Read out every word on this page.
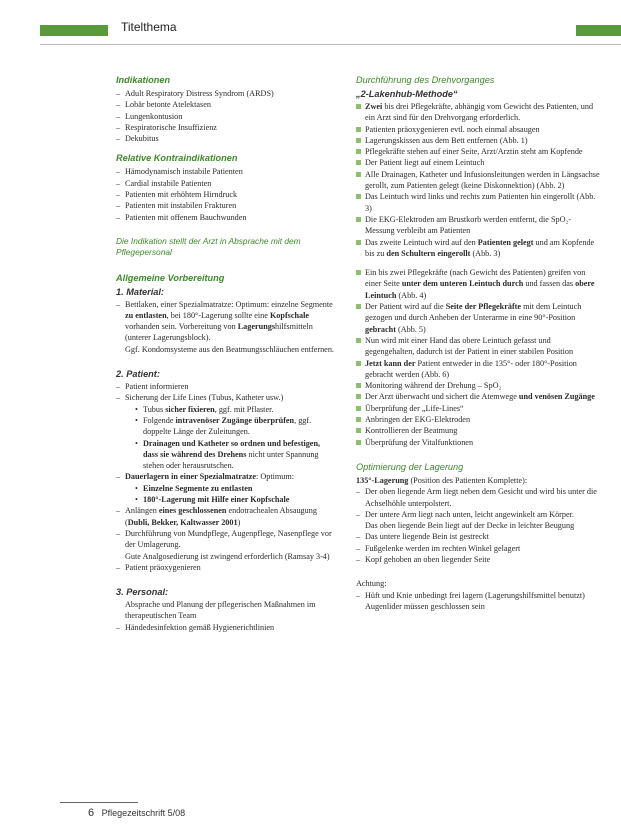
Titelthema
Indikationen
– Adult Respiratory Distress Syndrom (ARDS)
– Lobär betonte Atelektasen
– Lungenkontusion
– Respiratorische Insuffizienz
– Dekubitus
Relative Kontraindikationen
– Hämodynamisch instabile Patienten
– Cardial instabile Patienten
– Patienten mit erhöhtem Hirndruck
– Patienten mit instabilen Frakturen
– Patienten mit offenem Bauchwunden

Die Indikation stellt der Arzt in Absprache mit dem Pflegepersonal

Allgemeine Vorbereitung
1. Material:
– Bettlaken, einer Spezialmatratze: Optimum: einzelne Segmente zu entlasten, bei 180°-Lagerung sollte eine Kopfschale vorhanden sein. Vorbereitung von Lagerungshilfsmitteln (unterer Lagerungsblock).

Ggf. Kondomsysteme aus den Beatmungsschläuchen entfernen.

2. Patient:
– Patient informieren
– Sicherung der Life Lines (Tubus, Katheter usw.)
• Tubus sicher fixieren, ggf. mit Pflaster.
• Folgende intravenöser Zugänge überprüfen, ggf. doppelte Länge der Zuleitungen.
• Drainagen und Katheter so ordnen und befestigen, dass sie während des Drehens nicht unter Spannung stehen oder herausrutschen.
– Dauerlagern in einer Spezialmatratze: Optimum:
• Einzelne Segmente zu entlasten
• 180°-Lagerung mit Hilfe einer Kopfschale
– Anlängen eines geschlossenen endotrachealen Absaugung (Dubli, Bekker, Kaltwasser 2001)
– Durchführung von Mundpflege, Augenpflege, Nasenpflege vor der Umlagerung.

Gute Analgosedierung ist zwingend erforderlich (Ramsay 3-4)

– Patient präoxygenieren
3. Personal:

Absprache und Planung der pflegerischen Maßnahmen im therapeutischen Team

– Händedesinfektion gemäß Hygienerichtlinien
Durchführung des Drehvorganges
„2-Lakenhub-Methode“
Zwei bis drei Pflegekräfte, abhängig vom Gewicht des Patienten, und ein Arzt sind für den Drehvorgang erforderlich.
Patienten präoxygenieren evtl. noch einmal absaugen
Lagerungskissen aus dem Bett entfernen (Abb. 1)
Pflegekräfte stehen auf einer Seite, Arzt/Arztin steht am Kopfende
Der Patient liegt auf einem Leintuch
Alle Drainagen, Katheter und Infusionsleitungen werden in Längsachse gerollt, zum Patienten gelegt (keine Diskonnektion) (Abb. 2)
Das Leintuch wird links und rechts zum Patienten hin eingerollt (Abb. 3)
Die EKG-Elektroden am Brustkorb werden entfernt, die SpO₂-Messung verbleibt am Patienten
Das zweite Leintuch wird auf den Patienten gelegt und am Kopfende bis zu den Schultern eingerollt (Abb. 3)
Ein bis zwei Pflegekräfte (nach Gewicht des Patienten) greifen von einer Seite unter dem unteren Leintuch durch und fassen das obere Leintuch (Abb. 4)
Der Patient wird auf die Seite der Pflegekräfte mit dem Leintuch gezogen und durch Anheben der Unterarme in eine 90°-Position gebracht (Abb. 5)
Nun wird mit einer Hand das obere Leintuch gefasst und gegengehalten, dadurch ist der Patient in einer stabilen Position
Jetzt kann der Patient entweder in die 135°- oder 180°-Position gebracht werden (Abb. 6)
Monitoring während der Drehung – SpO₂
Der Arzt überwacht und sichert die Atemwege und venösen Zugänge
Überprüfung der „Life-Lines“
Anbringen der EKG-Elektroden
Kontrollieren der Beatmung
Überprüfung der Vitalfunktionen
Optimierung der Lagerung

135°-Lagerung (Position des Patienten Komplette):

– Der oben liegende Arm liegt neben dem Gesicht und wird bis unter die Achselhöhle unterpolstert.
– Der untere Arm liegt nach unten, leicht angewinkelt am Körper.

Das oben liegende Bein liegt auf der Decke in leichter Beugung

– Das untere liegende Bein ist gestreckt
– Fußgelenke werden im rechten Winkel gelagert
– Kopf gehoben an oben liegender Seite

Achtung:

– Hüft und Knie unbedingt frei lagern (Lagerungshilfsmittel benutzt)

Augenlider müssen geschlossen sein

6 Pflegezeitschrift 5/08
